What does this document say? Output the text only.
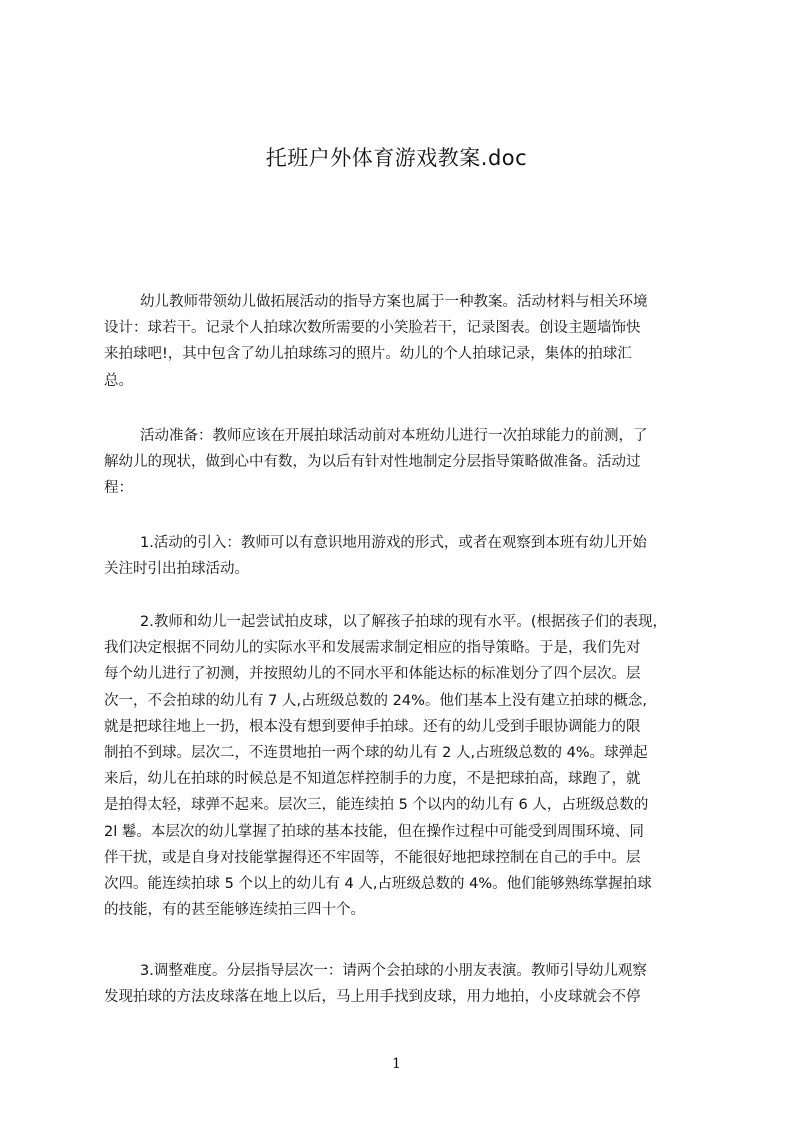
托班户外体育游戏教案.doc

幼儿教师带领幼儿做拓展活动的指导方案也属于一种教案。活动材料与相关环境
设计：球若干。记录个人拍球次数所需要的小笑脸若干，记录图表。创设主题墙饰快
来拍球吧!，其中包含了幼儿拍球练习的照片。幼儿的个人拍球记录，集体的拍球汇
总。

活动准备：教师应该在开展拍球活动前对本班幼儿进行一次拍球能力的前测，了
解幼儿的现状，做到心中有数，为以后有针对性地制定分层指导策略做准备。活动过
程：

1.活动的引入：教师可以有意识地用游戏的形式，或者在观察到本班有幼儿开始
关注时引出拍球活动。

2.教师和幼儿一起尝试拍皮球，以了解孩子拍球的现有水平。(根据孩子们的表现，
我们决定根据不同幼儿的实际水平和发展需求制定相应的指导策略。于是，我们先对
每个幼儿进行了初测，并按照幼儿的不同水平和体能达标的标准划分了四个层次。层
次一，不会拍球的幼儿有 7 人,占班级总数的 24%。他们基本上没有建立拍球的概念,
就是把球往地上一扔，根本没有想到要伸手拍球。还有的幼儿受到手眼协调能力的限
制拍不到球。层次二，不连贯地拍一两个球的幼儿有 2 人,占班级总数的 4%。球弹起
来后，幼儿在拍球的时候总是不知道怎样控制手的力度，不是把球拍高，球跑了，就
是拍得太轻，球弹不起来。层次三，能连续拍 5 个以内的幼儿有 6 人，占班级总数的
2l 鬈。本层次的幼儿掌握了拍球的基本技能，但在操作过程中可能受到周围环境、同
伴干扰，或是自身对技能掌握得还不牢固等，不能很好地把球控制在自己的手中。层
次四。能连续拍球 5 个以上的幼儿有 4 人,占班级总数的 4%。他们能够熟练掌握拍球
的技能，有的甚至能够连续拍三四十个。

3.调整难度。分层指导层次一：请两个会拍球的小朋友表演。教师引导幼儿观察
发现拍球的方法皮球落在地上以后，马上用手找到皮球，用力地拍，小皮球就会不停

1
